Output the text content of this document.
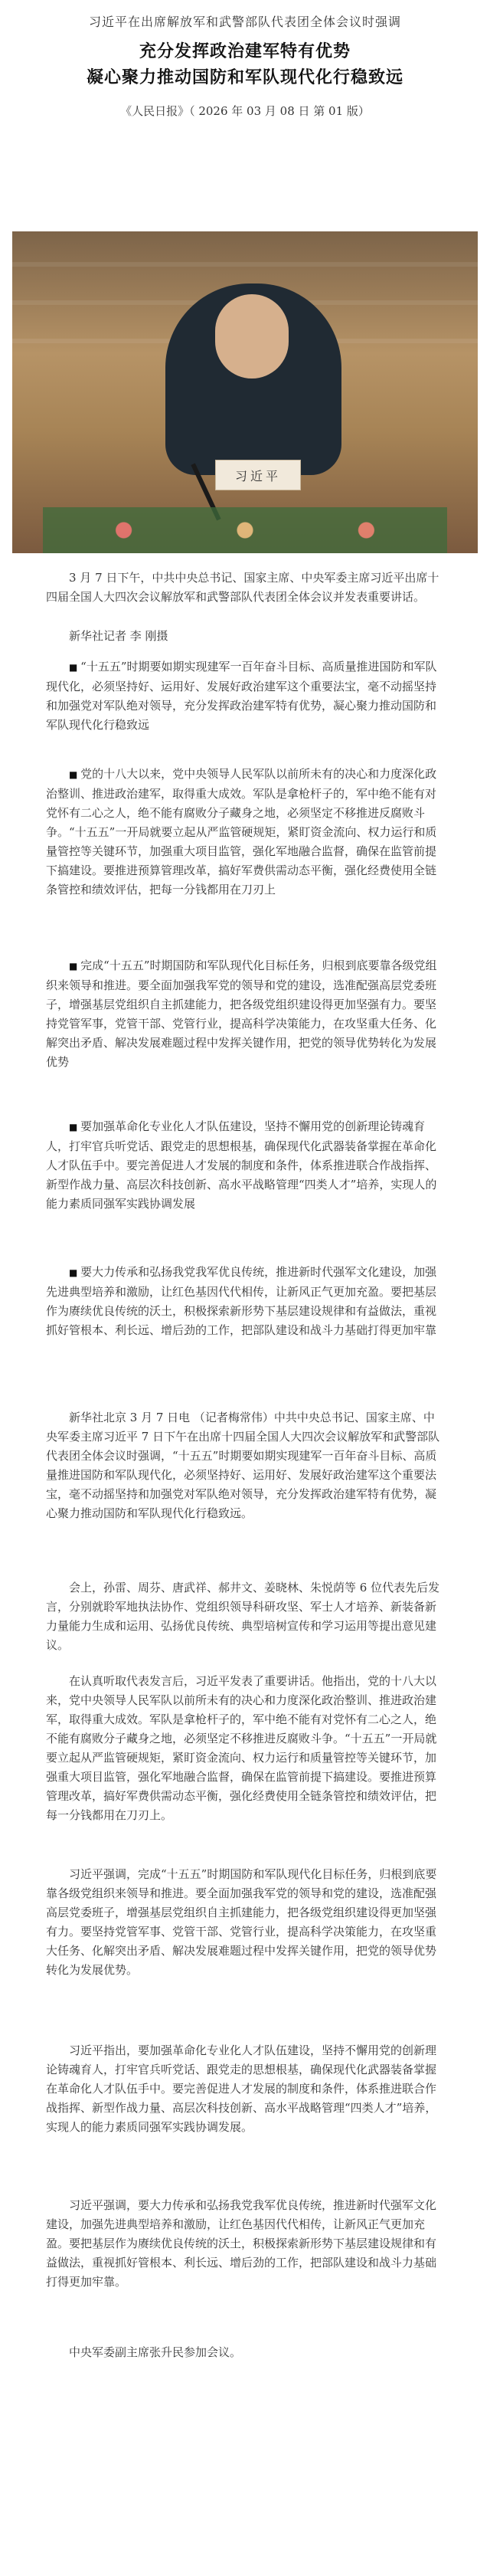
习近平在出席解放军和武警部队代表团全体会议时强调
充分发挥政治建军特有优势
凝心聚力推动国防和军队现代化行稳致远
《人民日报》（ 2026 年 03 月 08 日 第 01 版）
习近平

3 月 7 日下午，中共中央总书记、国家主席、中央军委主席习近平出席十四届全国人大四次会议解放军和武警部队代表团全体会议并发表重要讲话。

新华社记者 李 刚摄

■ “十五五”时期要如期实现建军一百年奋斗目标、高质量推进国防和军队现代化，必须坚持好、运用好、发展好政治建军这个重要法宝，毫不动摇坚持和加强党对军队绝对领导，充分发挥政治建军特有优势，凝心聚力推动国防和军队现代化行稳致远

■ 党的十八大以来，党中央领导人民军队以前所未有的决心和力度深化政治整训、推进政治建军，取得重大成效。军队是拿枪杆子的，军中绝不能有对党怀有二心之人，绝不能有腐败分子藏身之地，必须坚定不移推进反腐败斗争。“十五五”一开局就要立起从严监管硬规矩，紧盯资金流向、权力运行和质量管控等关键环节，加强重大项目监管，强化军地融合监督，确保在监管前提下搞建设。要推进预算管理改革，搞好军费供需动态平衡，强化经费使用全链条管控和绩效评估，把每一分钱都用在刀刃上

■ 完成“十五五”时期国防和军队现代化目标任务，归根到底要靠各级党组织来领导和推进。要全面加强我军党的领导和党的建设，选准配强高层党委班子，增强基层党组织自主抓建能力，把各级党组织建设得更加坚强有力。要坚持党管军事，党管干部、党管行业，提高科学决策能力，在攻坚重大任务、化解突出矛盾、解决发展难题过程中发挥关键作用，把党的领导优势转化为发展优势

■ 要加强革命化专业化人才队伍建设，坚持不懈用党的创新理论铸魂育人，打牢官兵听党话、跟党走的思想根基，确保现代化武器装备掌握在革命化人才队伍手中。要完善促进人才发展的制度和条件，体系推进联合作战指挥、新型作战力量、高层次科技创新、高水平战略管理“四类人才”培养，实现人的能力素质同强军实践协调发展

■ 要大力传承和弘扬我党我军优良传统，推进新时代强军文化建设，加强先进典型培养和激励，让红色基因代代相传，让新风正气更加充盈。要把基层作为赓续优良传统的沃土，积极探索新形势下基层建设规律和有益做法，重视抓好管根本、利长远、增后劲的工作，把部队建设和战斗力基础打得更加牢靠

新华社北京 3 月 7 日电 （记者梅常伟）中共中央总书记、国家主席、中央军委主席习近平 7 日下午在出席十四届全国人大四次会议解放军和武警部队代表团全体会议时强调，“十五五”时期要如期实现建军一百年奋斗目标、高质量推进国防和军队现代化，必须坚持好、运用好、发展好政治建军这个重要法宝，毫不动摇坚持和加强党对军队绝对领导，充分发挥政治建军特有优势，凝心聚力推动国防和军队现代化行稳致远。

会上，孙雷、周芬、唐武祥、郝井文、姜晓林、朱悦荫等 6 位代表先后发言，分别就聆军地执法协作、党组织领导科研攻坚、军士人才培养、新装备新力量能力生成和运用、弘扬优良传统、典型培树宣传和学习运用等提出意见建议。

在认真听取代表发言后，习近平发表了重要讲话。他指出，党的十八大以来，党中央领导人民军队以前所未有的决心和力度深化政治整训、推进政治建军，取得重大成效。军队是拿枪杆子的，军中绝不能有对党怀有二心之人，绝不能有腐败分子藏身之地，必须坚定不移推进反腐败斗争。“十五五”一开局就要立起从严监管硬规矩，紧盯资金流向、权力运行和质量管控等关键环节，加强重大项目监管，强化军地融合监督，确保在监管前提下搞建设。要推进预算管理改革，搞好军费供需动态平衡，强化经费使用全链条管控和绩效评估，把每一分钱都用在刀刃上。

习近平强调，完成“十五五”时期国防和军队现代化目标任务，归根到底要靠各级党组织来领导和推进。要全面加强我军党的领导和党的建设，选准配强高层党委班子，增强基层党组织自主抓建能力，把各级党组织建设得更加坚强有力。要坚持党管军事、党管干部、党管行业，提高科学决策能力，在攻坚重大任务、化解突出矛盾、解决发展难题过程中发挥关键作用，把党的领导优势转化为发展优势。

习近平指出，要加强革命化专业化人才队伍建设，坚持不懈用党的创新理论铸魂育人，打牢官兵听党话、跟党走的思想根基，确保现代化武器装备掌握在革命化人才队伍手中。要完善促进人才发展的制度和条件，体系推进联合作战指挥、新型作战力量、高层次科技创新、高水平战略管理“四类人才”培养，实现人的能力素质同强军实践协调发展。

习近平强调，要大力传承和弘扬我党我军优良传统，推进新时代强军文化建设，加强先进典型培养和激励，让红色基因代代相传，让新风正气更加充盈。要把基层作为赓续优良传统的沃土，积极探索新形势下基层建设规律和有益做法，重视抓好管根本、利长远、增后劲的工作，把部队建设和战斗力基础打得更加牢靠。

中央军委副主席张升民参加会议。
